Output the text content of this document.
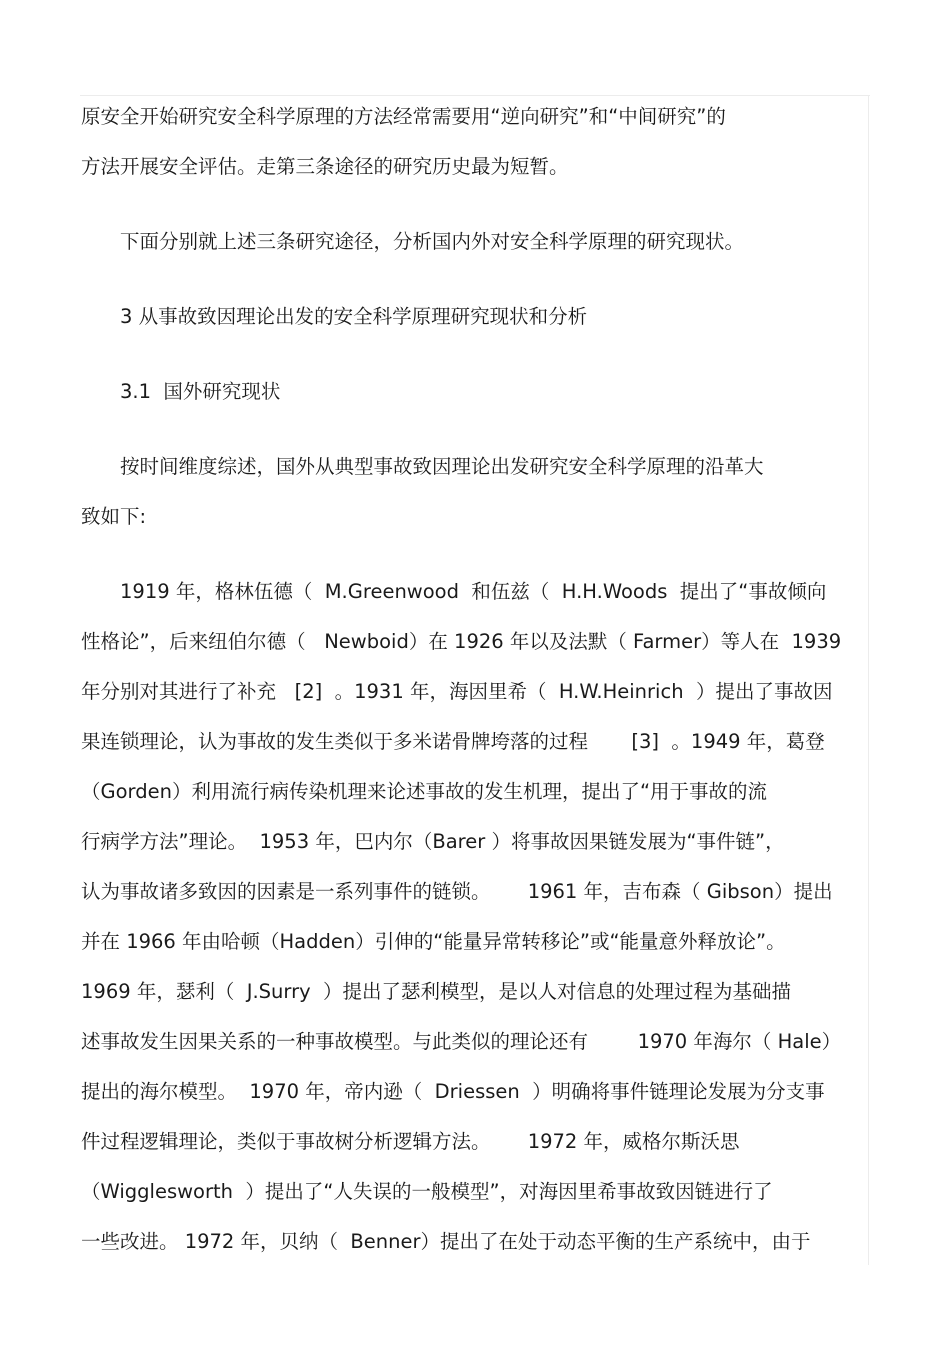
原安全开始研究安全科学原理的方法经常需要用“逆向研究”和“中间研究”的
方法开展安全评估。走第三条途径的研究历史最为短暂。
下面分别就上述三条研究途径，分析国内外对安全科学原理的研究现状。
3 从事故致因理论出发的安全科学原理研究现状和分析
3.1  国外研究现状
按时间维度综述，国外从典型事故致因理论出发研究安全科学原理的沿革大
致如下:
1919 年，格林伍德（  M.Greenwood  和伍兹（  H.H.Woods  提出了“事故倾向
性格论”，后来纽伯尔德（   Newboid）在 1926 年以及法默（ Farmer）等人在  1939
年分别对其进行了补充   [2]  。1931 年，海因里希（  H.W.Heinrich  ）提出了事故因
果连锁理论，认为事故的发生类似于多米诺骨牌垮落的过程       [3]  。1949 年，葛登
（Gorden）利用流行病传染机理来论述事故的发生机理，提出了“用于事故的流
行病学方法”理论。  1953 年，巴内尔（Barer ）将事故因果链发展为“事件链”，
认为事故诸多致因的因素是一系列事件的链锁。      1961 年，吉布森（ Gibson）提出
并在 1966 年由哈顿（Hadden）引伸的“能量异常转移论”或“能量意外释放论”。
1969 年，瑟利（  J.Surry  ）提出了瑟利模型，是以人对信息的处理过程为基础描
述事故发生因果关系的一种事故模型。与此类似的理论还有        1970 年海尔（ Hale）
提出的海尔模型。  1970 年，帝内逊（  Driessen  ）明确将事件链理论发展为分支事
件过程逻辑理论，类似于事故树分析逻辑方法。      1972 年，威格尔斯沃思
（Wigglesworth  ）提出了“人失误的一般模型”，对海因里希事故致因链进行了
一些改进。 1972 年，贝纳（  Benner）提出了在处于动态平衡的生产系统中，由于
